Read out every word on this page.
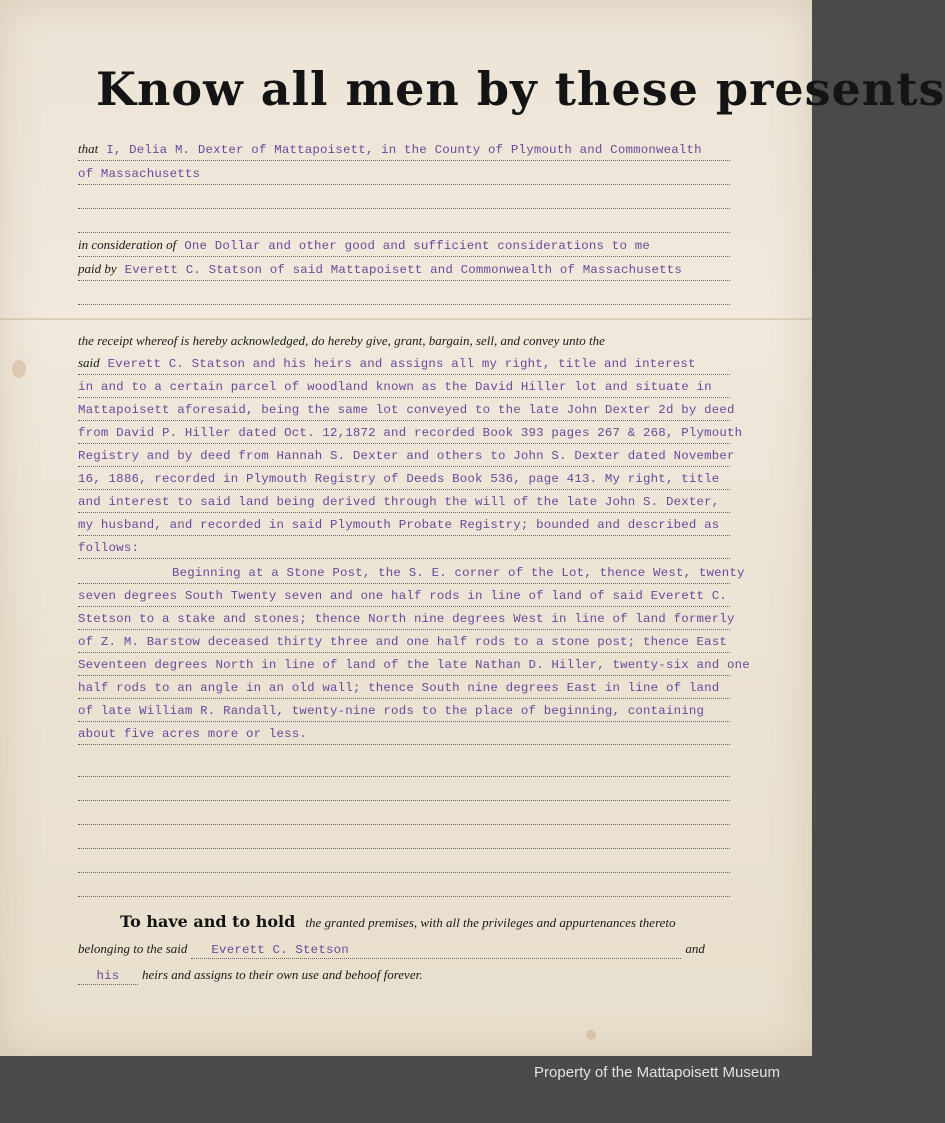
Know all men by these presents
that I, Delia M. Dexter of Mattapoisett, in the County of Plymouth and Commonwealth
of Massachusetts
in consideration of One Dollar and other good and sufficient considerations to me
paid by Everett C. Statson of said Mattapoisett and Commonwealth of Massachusetts
the receipt whereof is hereby acknowledged, do hereby give, grant, bargain, sell, and convey unto the
said Everett C. Statson and his heirs and assigns all my right, title and interest
in and to a certain parcel of woodland known as the David Hiller lot and situate in
Mattapoisett aforesaid, being the same lot conveyed to the late John Dexter 2d by deed
from David P. Hiller dated Oct. 12,1872 and recorded Book 393 pages 267 & 268, Plymouth
Registry and by deed from Hannah S. Dexter and others to John S. Dexter dated November
16, 1886, recorded in Plymouth Registry of Deeds Book 536, page 413. My right, title
and interest to said land being derived through the will of the late John S. Dexter,
my husband, and recorded in said Plymouth Probate Registry; bounded and described as
follows:
Beginning at a Stone Post, the S. E. corner of the Lot, thence West, twenty
seven degrees South Twenty seven and one half rods in line of land of said Everett C.
Stetson to a stake and stones; thence North nine degrees West in line of land formerly
of Z. M. Barstow deceased thirty three and one half rods to a stone post; thence East
Seventeen degrees North in line of land of the late Nathan D. Hiller, twenty-six and one
half rods to an angle in an old wall; thence South nine degrees East in line of land
of late William R. Randall, twenty-nine rods to the place of beginning, containing
about five acres more or less.
To have and to hold the granted premises, with all the privileges and appurtenances thereto
belonging to the said Everett C. Stetson	and
his heirs and assigns to their own use and behoof forever.
Property of the Mattapoisett Museum
